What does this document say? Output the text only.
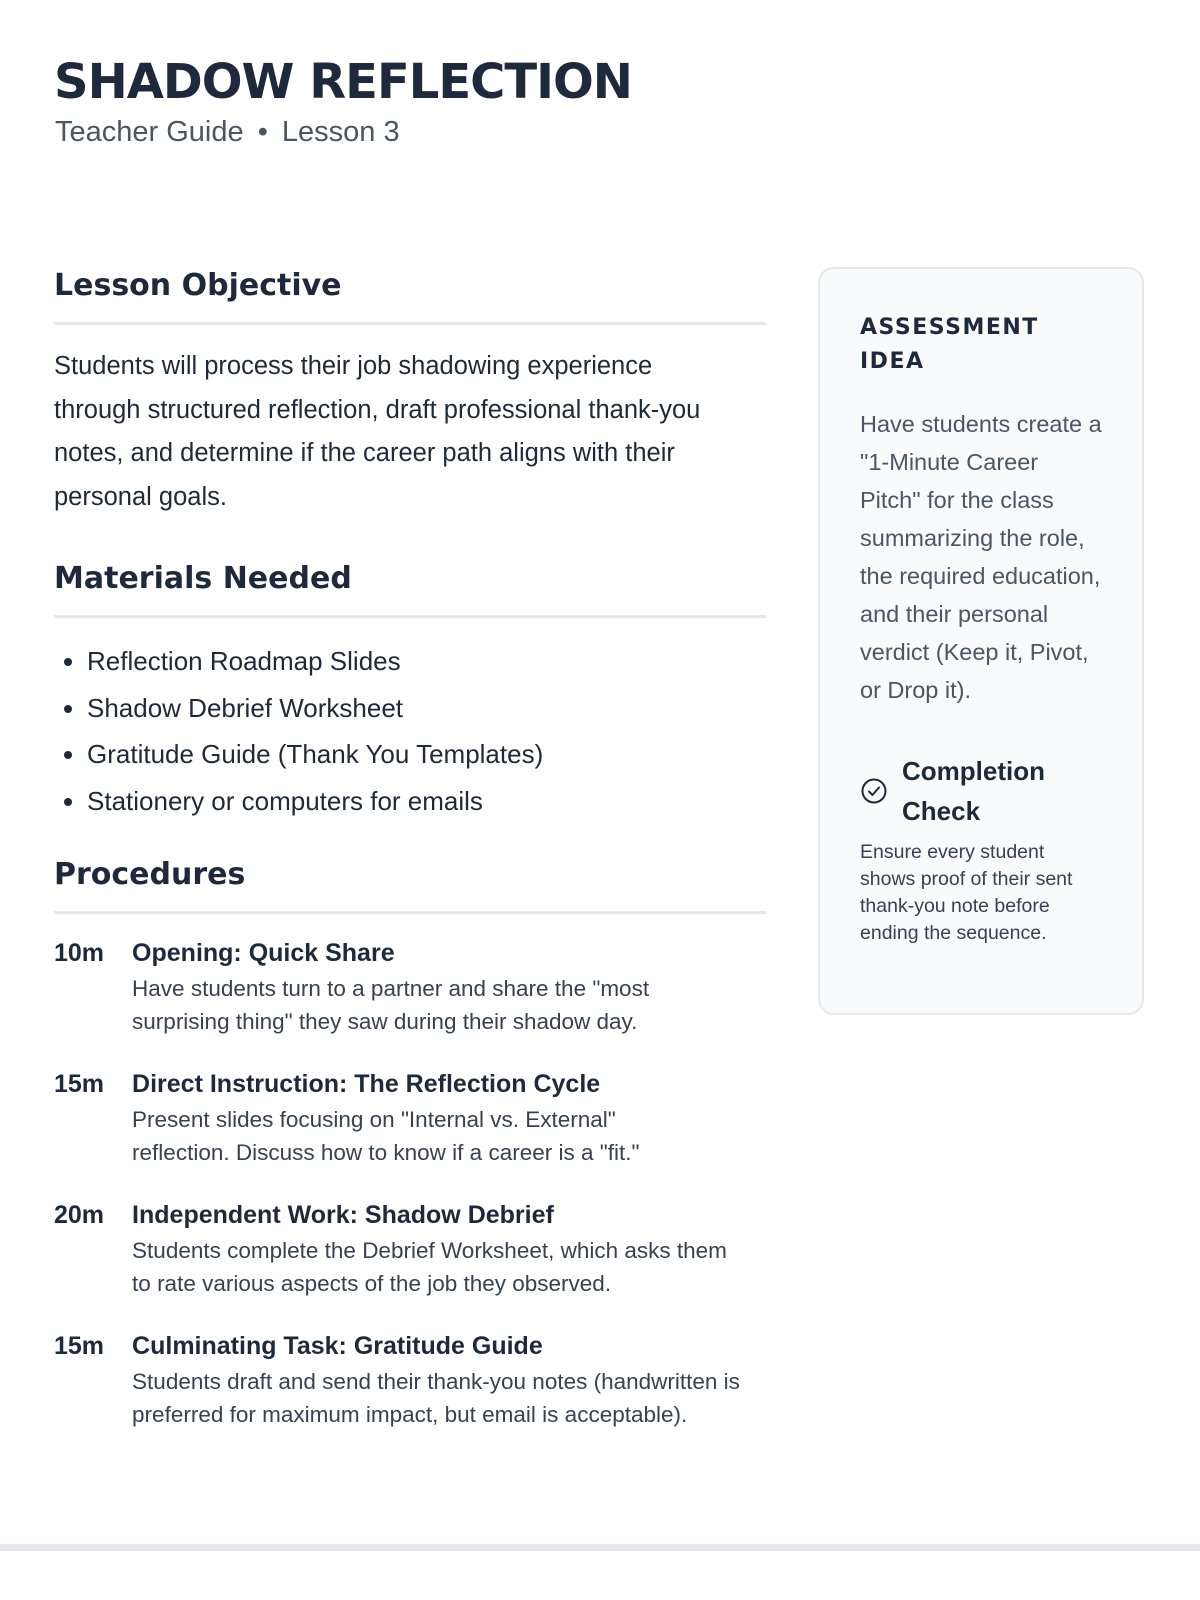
SHADOW REFLECTION
Teacher Guide • Lesson 3
Lesson Objective

Students will process their job shadowing experience through structured reflection, draft professional thank-you notes, and determine if the career path aligns with their personal goals.

Materials Needed
• Reflection Roadmap Slides
• Shadow Debrief Worksheet
• Gratitude Guide (Thank You Templates)
• Stationery or computers for emails
Procedures
10m Opening: Quick Share
Have students turn to a partner and share the "most surprising thing" they saw during their shadow day.
15m Direct Instruction: The Reflection Cycle
Present slides focusing on "Internal vs. External" reflection. Discuss how to know if a career is a "fit."
20m Independent Work: Shadow Debrief
Students complete the Debrief Worksheet, which asks them to rate various aspects of the job they observed.
15m Culminating Task: Gratitude Guide
Students draft and send their thank-you notes (handwritten is preferred for maximum impact, but email is acceptable).
ASSESSMENT IDEA

Have students create a "1-Minute Career Pitch" for the class summarizing the role, the required education, and their personal verdict (Keep it, Pivot, or Drop it).

Completion Check
Ensure every student shows proof of their sent thank-you note before ending the sequence.
